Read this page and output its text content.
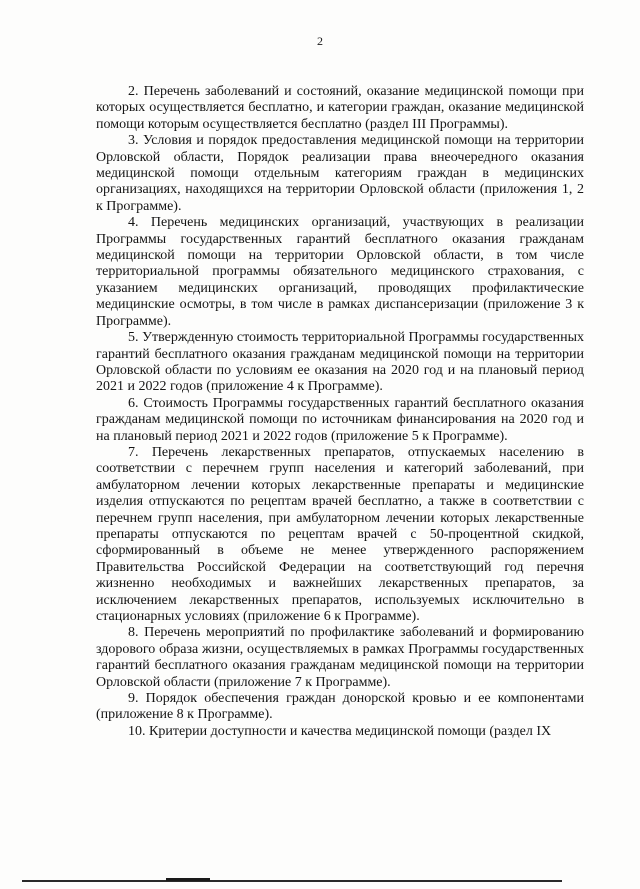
2

2. Перечень заболеваний и состояний, оказание медицинской помощи при которых осуществляется бесплатно, и категории граждан, оказание медицинской помощи которым осуществляется бесплатно (раздел III Программы).

3. Условия и порядок предоставления медицинской помощи на территории Орловской области, Порядок реализации права внеочередного оказания медицинской помощи отдельным категориям граждан в медицинских организациях, находящихся на территории Орловской области (приложения 1, 2 к Программе).

4. Перечень медицинских организаций, участвующих в реализации Программы государственных гарантий бесплатного оказания гражданам медицинской помощи на территории Орловской области, в том числе территориальной программы обязательного медицинского страхования, с указанием медицинских организаций, проводящих профилактические медицинские осмотры, в том числе в рамках диспансеризации (приложение 3 к Программе).

5. Утвержденную стоимость территориальной Программы государственных гарантий бесплатного оказания гражданам медицинской помощи на территории Орловской области по условиям ее оказания на 2020 год и на плановый период 2021 и 2022 годов (приложение 4 к Программе).

6. Стоимость Программы государственных гарантий бесплатного оказания гражданам медицинской помощи по источникам финансирования на 2020 год и на плановый период 2021 и 2022 годов (приложение 5 к Программе).

7. Перечень лекарственных препаратов, отпускаемых населению в соответствии с перечнем групп населения и категорий заболеваний, при амбулаторном лечении которых лекарственные препараты и медицинские изделия отпускаются по рецептам врачей бесплатно, а также в соответствии с перечнем групп населения, при амбулаторном лечении которых лекарственные препараты отпускаются по рецептам врачей с 50-процентной скидкой, сформированный в объеме не менее утвержденного распоряжением Правительства Российской Федерации на соответствующий год перечня жизненно необходимых и важнейших лекарственных препаратов, за исключением лекарственных препаратов, используемых исключительно в стационарных условиях (приложение 6 к Программе).

8. Перечень мероприятий по профилактике заболеваний и формированию здорового образа жизни, осуществляемых в рамках Программы государственных гарантий бесплатного оказания гражданам медицинской помощи на территории Орловской области (приложение 7 к Программе).

9. Порядок обеспечения граждан донорской кровью и ее компонентами (приложение 8 к Программе).

10. Критерии доступности и качества медицинской помощи (раздел IX
